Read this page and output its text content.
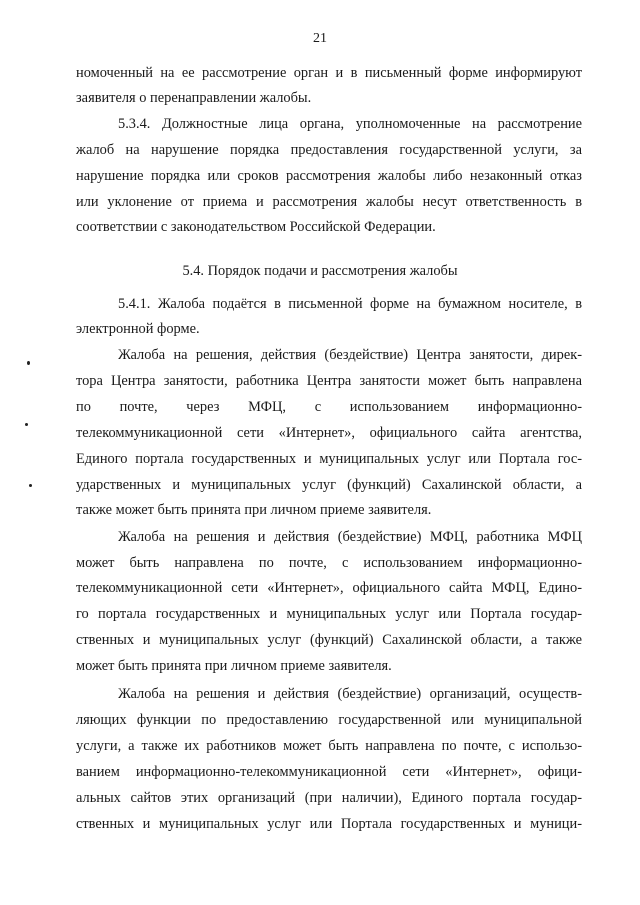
21
номоченный на ее рассмотрение орган и в письменный форме информируют
заявителя о перенаправлении жалобы.
5.3.4. Должностные лица органа, уполномоченные на рассмотрение
жалоб на нарушение порядка предоставления государственной услуги, за
нарушение порядка или сроков рассмотрения жалобы либо незаконный отказ
или уклонение от приема и рассмотрения жалобы несут ответственность в
соответствии с законодательством Российской Федерации.
5.4. Порядок подачи и рассмотрения жалобы
5.4.1. Жалоба подаётся в письменной форме на бумажном носителе, в
электронной форме.
Жалоба на решения, действия (бездействие) Центра занятости, дирек-
тора Центра занятости, работника Центра занятости может быть направлена
по почте, через МФЦ, с использованием информационно-
телекоммуникационной сети «Интернет», официального сайта агентства,
Единого портала государственных и муниципальных услуг или Портала гос-
ударственных и муниципальных услуг (функций) Сахалинской области, а
также может быть принята при личном приеме заявителя.
Жалоба на решения и действия (бездействие) МФЦ, работника МФЦ
может быть направлена по почте, с использованием информационно-
телекоммуникационной сети «Интернет», официального сайта МФЦ, Едино-
го портала государственных и муниципальных услуг или Портала государ-
ственных и муниципальных услуг (функций) Сахалинской области, а также
может быть принята при личном приеме заявителя.
Жалоба на решения и действия (бездействие) организаций, осуществ-
ляющих функции по предоставлению государственной или муниципальной
услуги, а также их работников может быть направлена по почте, с использо-
ванием информационно-телекоммуникационной сети «Интернет», офици-
альных сайтов этих организаций (при наличии), Единого портала государ-
ственных и муниципальных услуг или Портала государственных и муници-
